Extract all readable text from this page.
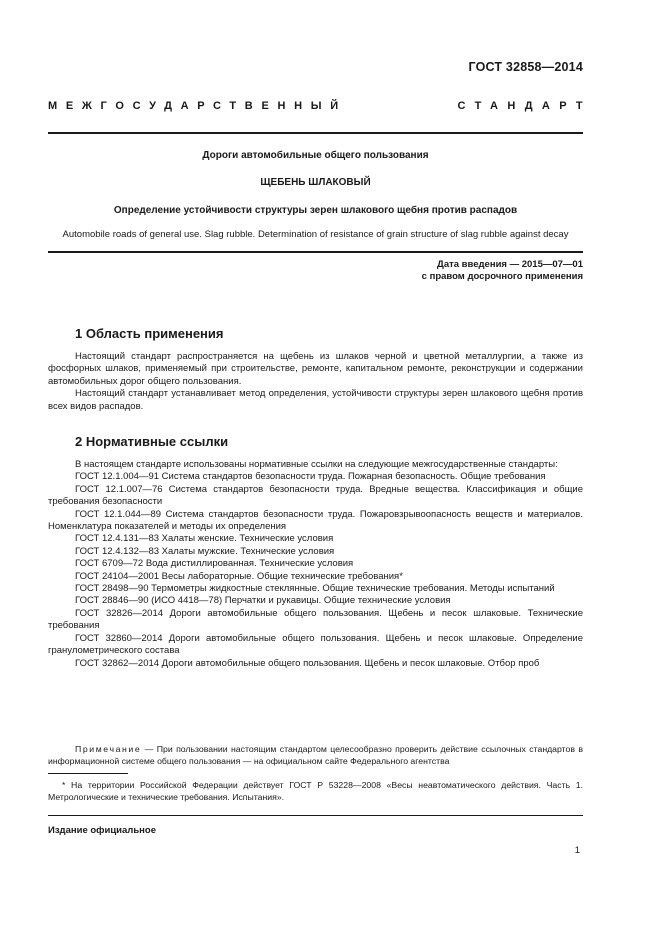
ГОСТ 32858—2014
МЕЖГОСУДАРСТВЕННЫЙ	СТАНДАРТ
Дороги автомобильные общего пользования
ЩЕБЕНЬ ШЛАКОВЫЙ
Определение устойчивости структуры зерен шлакового щебня против распадов
Automobile roads of general use. Slag rubble. Determination of resistance of grain structure of slag rubble against decay
Дата введения — 2015—07—01
с правом досрочного применения
1 Область применения

Настоящий стандарт распространяется на щебень из шлаков черной и цветной металлургии, а также из фосфорных шлаков, применяемый при строительстве, ремонте, капитальном ремонте, реконструкции и содержании автомобильных дорог общего пользования.

Настоящий стандарт устанавливает метод определения, устойчивости структуры зерен шлакового щебня против всех видов распадов.

2 Нормативные ссылки

В настоящем стандарте использованы нормативные ссылки на следующие межгосударственные стандарты:

ГОСТ 12.1.004—91 Система стандартов безопасности труда. Пожарная безопасность. Общие требования

ГОСТ 12.1.007—76 Система стандартов безопасности труда. Вредные вещества. Классификация и общие требования безопасности

ГОСТ 12.1.044—89 Система стандартов безопасности труда. Пожаровзрывоопасность веществ и материалов. Номенклатура показателей и методы их определения

ГОСТ 12.4.131—83 Халаты женские. Технические условия

ГОСТ 12.4.132—83 Халаты мужские. Технические условия

ГОСТ 6709—72 Вода дистиллированная. Технические условия

ГОСТ 24104—2001 Весы лабораторные. Общие технические требования*

ГОСТ 28498—90 Термометры жидкостные стеклянные. Общие технические требования. Методы испытаний

ГОСТ 28846—90 (ИСО 4418—78) Перчатки и рукавицы. Общие технические условия

ГОСТ 32826—2014 Дороги автомобильные общего пользования. Щебень и песок шлаковые. Технические требования

ГОСТ 32860—2014 Дороги автомобильные общего пользования. Щебень и песок шлаковые. Определение гранулометрического состава

ГОСТ 32862—2014 Дороги автомобильные общего пользования. Щебень и песок шлаковые. Отбор проб

Примечание — При пользовании настоящим стандартом целесообразно проверить действие ссылочных стандартов в информационной системе общего пользования — на официальном сайте Федерального агентства
* На территории Российской Федерации действует ГОСТ Р 53228—2008 «Весы неавтоматического действия. Часть 1. Метрологические и технические требования. Испытания».
Издание официальное
1
